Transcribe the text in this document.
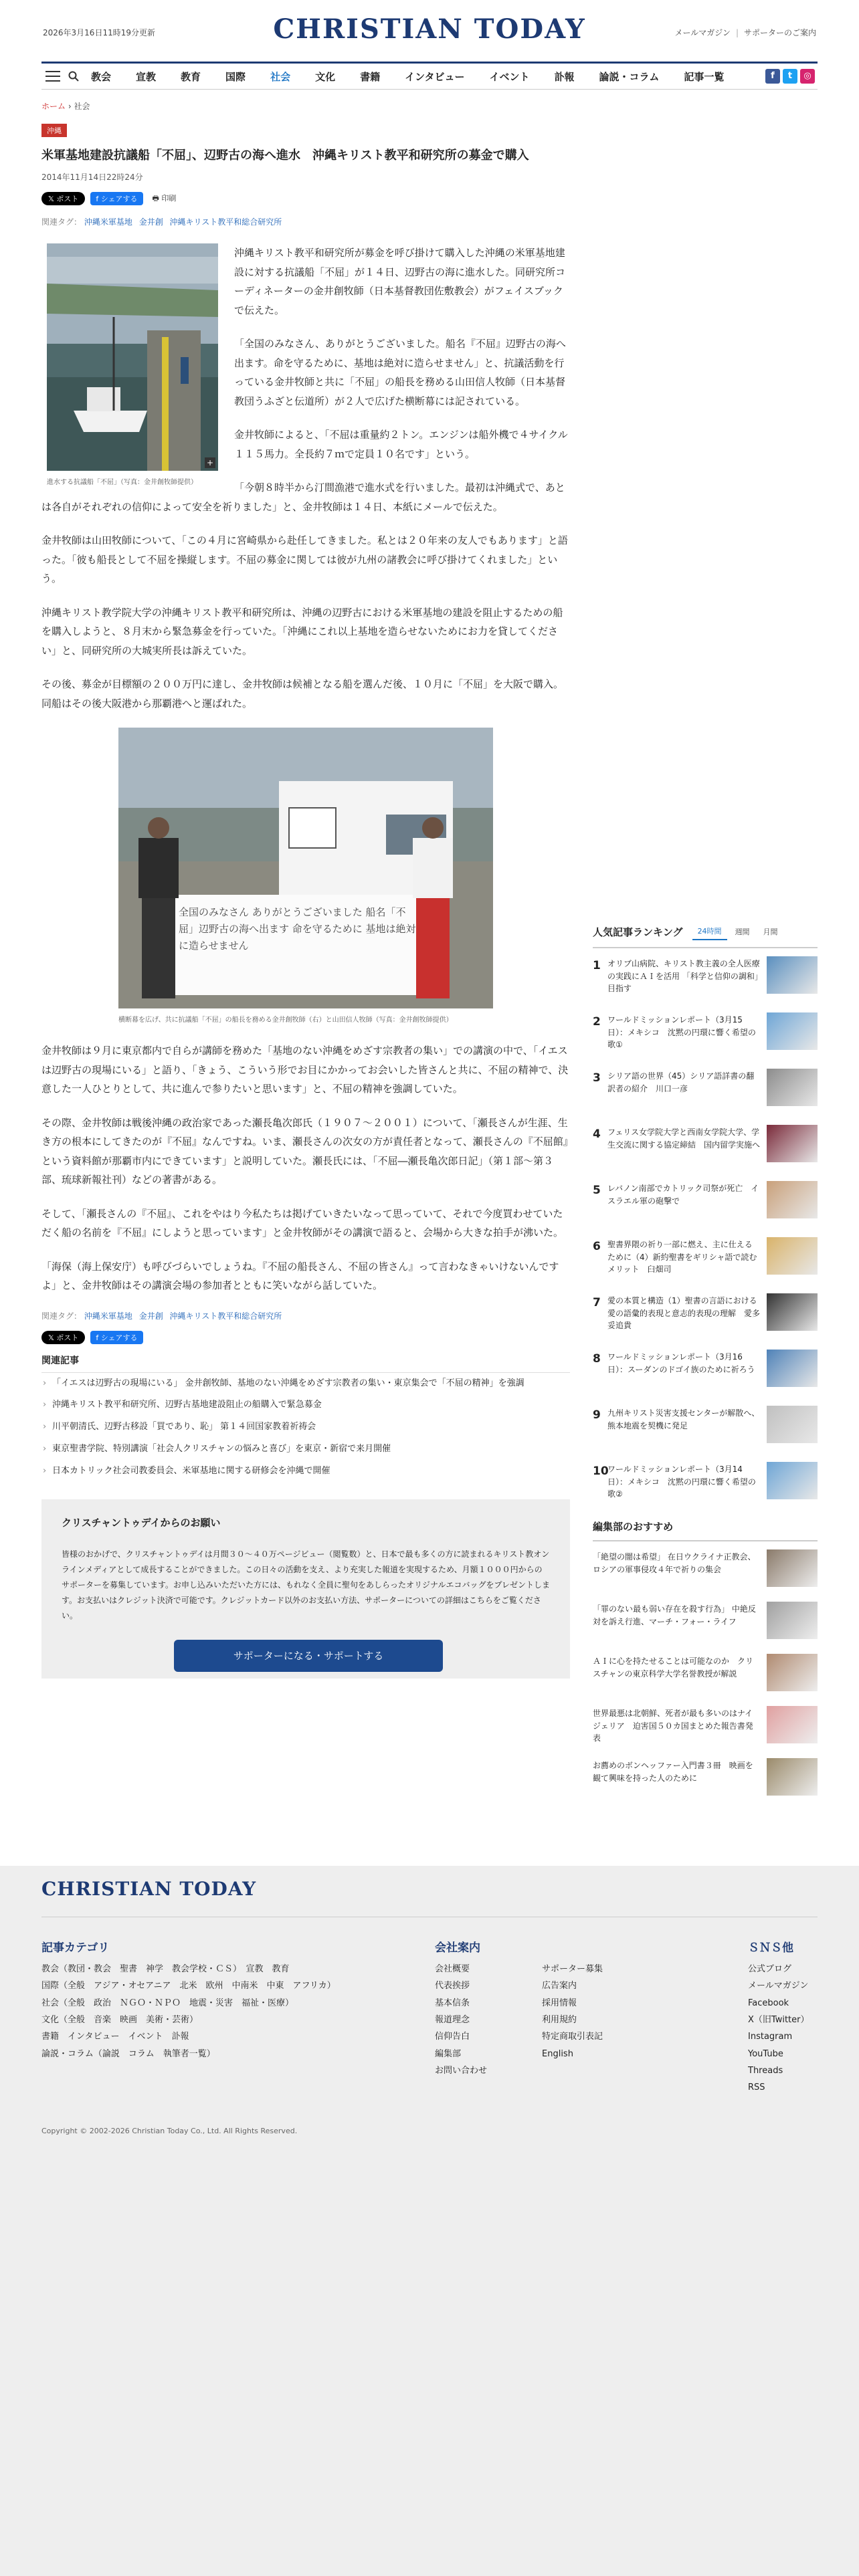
2026年3月16日11時19分更新	CHRISTIAN TODAY	メールマガジン | サポーターのご案内
教会 宣教 教育 国際 社会 文化 書籍 インタビュー イベント 訃報 論説・コラム 記事一覧	f	t	◎
ホーム › 社会
沖縄
米軍基地建設抗議船「不屈」、辺野古の海へ進水　沖縄キリスト教平和研究所の募金で購入
2014年11月14日22時24分
𝕏 ポスト	f シェアする	🖶 印刷
関連タグ： 沖縄米軍基地 金井創 沖縄キリスト教平和総合研究所
+
進水する抗議船「不屈」（写真：金井創牧師提供）

沖縄キリスト教平和研究所が募金を呼び掛けて購入した沖縄の米軍基地建設に対する抗議船「不屈」が１４日、辺野古の海に進水した。同研究所コーディネーターの金井創牧師（日本基督教団佐敷教会）がフェイスブックで伝えた。

「全国のみなさん、ありがとうございました。船名『不屈』辺野古の海へ出ます。命を守るために、基地は絶対に造らせません」と、抗議活動を行っている金井牧師と共に「不屈」の船長を務める山田信人牧師（日本基督教団うふざと伝道所）が２人で広げた横断幕には記されている。

金井牧師によると、「不屈は重量約２トン。エンジンは船外機で４サイクル１１５馬力。全長約７ｍで定員１０名です」という。

「今朝８時半から汀間漁港で進水式を行いました。最初は沖縄式で、あとは各自がそれぞれの信仰によって安全を祈りました」と、金井牧師は１４日、本紙にメールで伝えた。

金井牧師は山田牧師について、「この４月に宮崎県から赴任してきました。私とは２０年来の友人でもあります」と語った。「彼も船長として不屈を操縦します。不屈の募金に関しては彼が九州の諸教会に呼び掛けてくれました」という。

沖縄キリスト教学院大学の沖縄キリスト教平和研究所は、沖縄の辺野古における米軍基地の建設を阻止するための船を購入しようと、８月末から緊急募金を行っていた。「沖縄にこれ以上基地を造らせないためにお力を貸してください」と、同研究所の大城実所長は訴えていた。

その後、募金が目標額の２００万円に達し、金井牧師は候補となる船を選んだ後、１０月に「不屈」を大阪で購入。同船はその後大阪港から那覇港へと運ばれた。

全国のみなさん ありがとうございました 船名「不屈」辺野古の海へ出ます 命を守るために 基地は絶対に造らせません
横断幕を広げ、共に抗議船「不屈」の船長を務める金井創牧師（右）と山田信人牧師（写真：金井創牧師提供）

金井牧師は９月に東京都内で自らが講師を務めた「基地のない沖縄をめざす宗教者の集い」での講演の中で、「イエスは辺野古の現場にいる」と語り、「きょう、こういう形でお目にかかってお会いした皆さんと共に、不屈の精神で、決意した一人ひとりとして、共に進んで参りたいと思います」と、不屈の精神を強調していた。

その際、金井牧師は戦後沖縄の政治家であった瀬長亀次郎氏（１９０７〜２００１）について、「瀬長さんが生涯、生き方の根本にしてきたのが『不屈』なんですね。いま、瀬長さんの次女の方が責任者となって、瀬長さんの『不屈館』という資料館が那覇市内にできています」と説明していた。瀬長氏には、「不屈―瀬長亀次郎日記」（第１部〜第３部、琉球新報社刊）などの著書がある。

そして、「瀬長さんの『不屈』、これをやはり今私たちは掲げていきたいなって思っていて、それで今度買わせていただく船の名前を『不屈』にしようと思っています」と金井牧師がその講演で語ると、会場から大きな拍手が沸いた。

「海保（海上保安庁）も呼びづらいでしょうね。『不屈の船長さん、不屈の皆さん』って言わなきゃいけないんですよ」と、金井牧師はその講演会場の参加者とともに笑いながら話していた。

関連タグ： 沖縄米軍基地 金井創 沖縄キリスト教平和総合研究所
𝕏 ポスト	f シェアする
関連記事
› 「イエスは辺野古の現場にいる」 金井創牧師、基地のない沖縄をめざす宗教者の集い・東京集会で「不屈の精神」を強調
› 沖縄キリスト教平和研究所、辺野古基地建設阻止の船購入で緊急募金
› 川平朝清氏、辺野古移設「買であり、恥」 第１４回国家教着祈祷会
› 東京聖書学院、特別講演「社会人クリスチャンの悩みと喜び」を東京・新宿で来月開催
› 日本カトリック社会司教委員会、米軍基地に関する研修会を沖縄で開催
クリスチャントゥデイからのお願い

皆様のおかげで、クリスチャントゥデイは月間３０〜４０万ページビュー（閲覧数）と、日本で最も多くの方に読まれるキリスト教オンラインメディアとして成長することができました。この日々の活動を支え、より充実した報道を実現するため、月額１０００円からのサポーターを募集しています。お申し込みいただいた方には、もれなく全員に聖句をあしらったオリジナルエコバッグをプレゼントします。お支払いはクレジット決済で可能です。クレジットカード以外のお支払い方法、サポーターについての詳細はこちらをご覧ください。

サポーターになる・サポートする
人気記事ランキング	24時間	週間	月間
1 オリブ山病院、キリスト教主義の全人医療の実践にＡＩを活用 「科学と信仰の調和」目指す
2 ワールドミッションレポート（3月15日）：メキシコ　沈黙の円環に響く希望の歌①
3 シリア語の世界（45）シリア語詳書の翻訳者の紹介　川口一彦
4 フェリス女学院大学と西南女学院大学、学生交流に関する協定締結　国内留学実施へ
5 レバノン南部でカトリック司祭が死亡　イスラエル軍の砲撃で
6 聖書界隈の祈り一部に燃え、主に仕えるために（4）新約聖書をギリシャ語で読むメリット　臼畑司
7 愛の本質と構造（1）聖書の言語における愛の語彙的表現と意志的表現の理解　愛多妥追貴
8 ワールドミッションレポート（3月16日）：スーダンのドゴイ族のために祈ろう
9 九州キリスト災害支援センターが解散へ、熊本地震を契機に発足
10
ワールドミッションレポート（3月14日）：メキシコ　沈黙の円環に響く希望の歌②
編集部のおすすめ
「絶望の闇は希望」 在日ウクライナ正教会、ロシアの軍事侵攻４年で祈りの集会
「罪のない最も弱い存在を殺す行為」 中絶反対を訴え行進、マーチ・フォー・ライフ
ＡＩに心を持たせることは可能なのか　クリスチャンの東京科学大学名誉教授が解説
世界最悪は北朝鮮、死者が最も多いのはナイジェリア　迫害国５０カ国まとめた報告書発表
お薦めのボンヘッファー入門書３冊　映画を観て興味を持った人のために
CHRISTIAN TODAY
記事カテゴリ
教会（教団・教会　聖書　神学　教会学校・ＣＳ）　宣教　教育
国際（全般　アジア・オセアニア　北米　欧州　中南米　中東　アフリカ）
社会（全般　政治　ＮＧＯ・ＮＰＯ　地震・災害　福祉・医療）
文化（全般　音楽　映画　美術・芸術）
書籍　インタビュー　イベント　訃報
論説・コラム（論説　コラム　執筆者一覧）
会社案内
会社概要
代表挨拶
基本信条
報道理念
信仰告白
編集部
お問い合わせ
サポーター募集
広告案内
採用情報
利用規約
特定商取引表記
English
ＳＮＳ他
公式ブログ
メールマガジン
Facebook
X（旧Twitter）
Instagram
YouTube
Threads
RSS
Copyright © 2002-2026 Christian Today Co., Ltd. All Rights Reserved.
